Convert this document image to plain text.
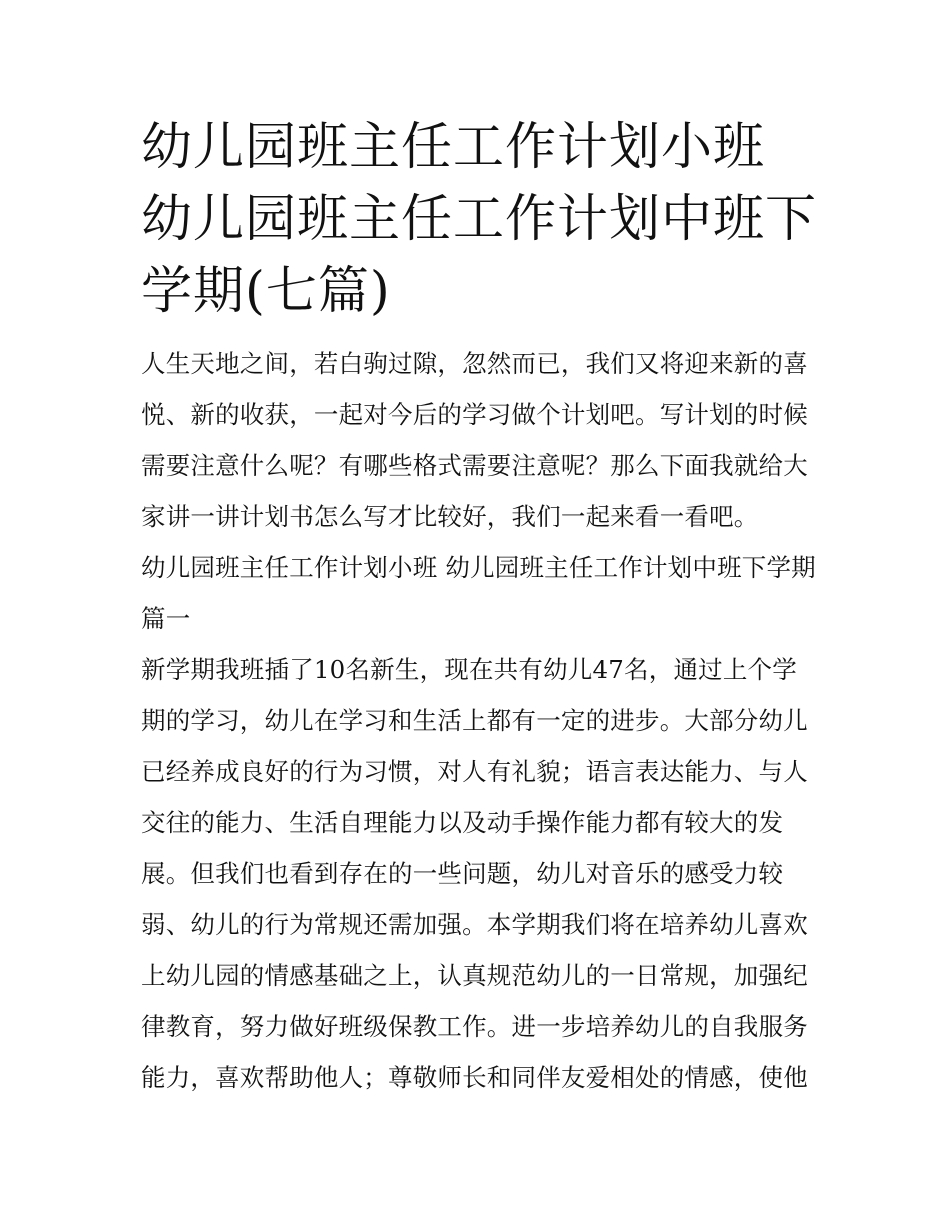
幼儿园班主任工作计划小班 幼儿园班主任工作计划中班下学期(七篇)

人生天地之间，若白驹过隙，忽然而已，我们又将迎来新的喜悦、新的收获，一起对今后的学习做个计划吧。写计划的时候需要注意什么呢？有哪些格式需要注意呢？那么下面我就给大家讲一讲计划书怎么写才比较好，我们一起来看一看吧。

幼儿园班主任工作计划小班 幼儿园班主任工作计划中班下学期篇一

新学期我班插了10名新生，现在共有幼儿47名，通过上个学期的学习，幼儿在学习和生活上都有一定的进步。大部分幼儿已经养成良好的行为习惯，对人有礼貌；语言表达能力、与人交往的能力、生活自理能力以及动手操作能力都有较大的发展。但我们也看到存在的一些问题，幼儿对音乐的感受力较弱、幼儿的行为常规还需加强。本学期我们将在培养幼儿喜欢上幼儿园的情感基础之上，认真规范幼儿的一日常规，加强纪律教育，努力做好班级保教工作。进一步培养幼儿的自我服务能力，喜欢帮助他人；尊敬师长和同伴友爱相处的情感，使他
